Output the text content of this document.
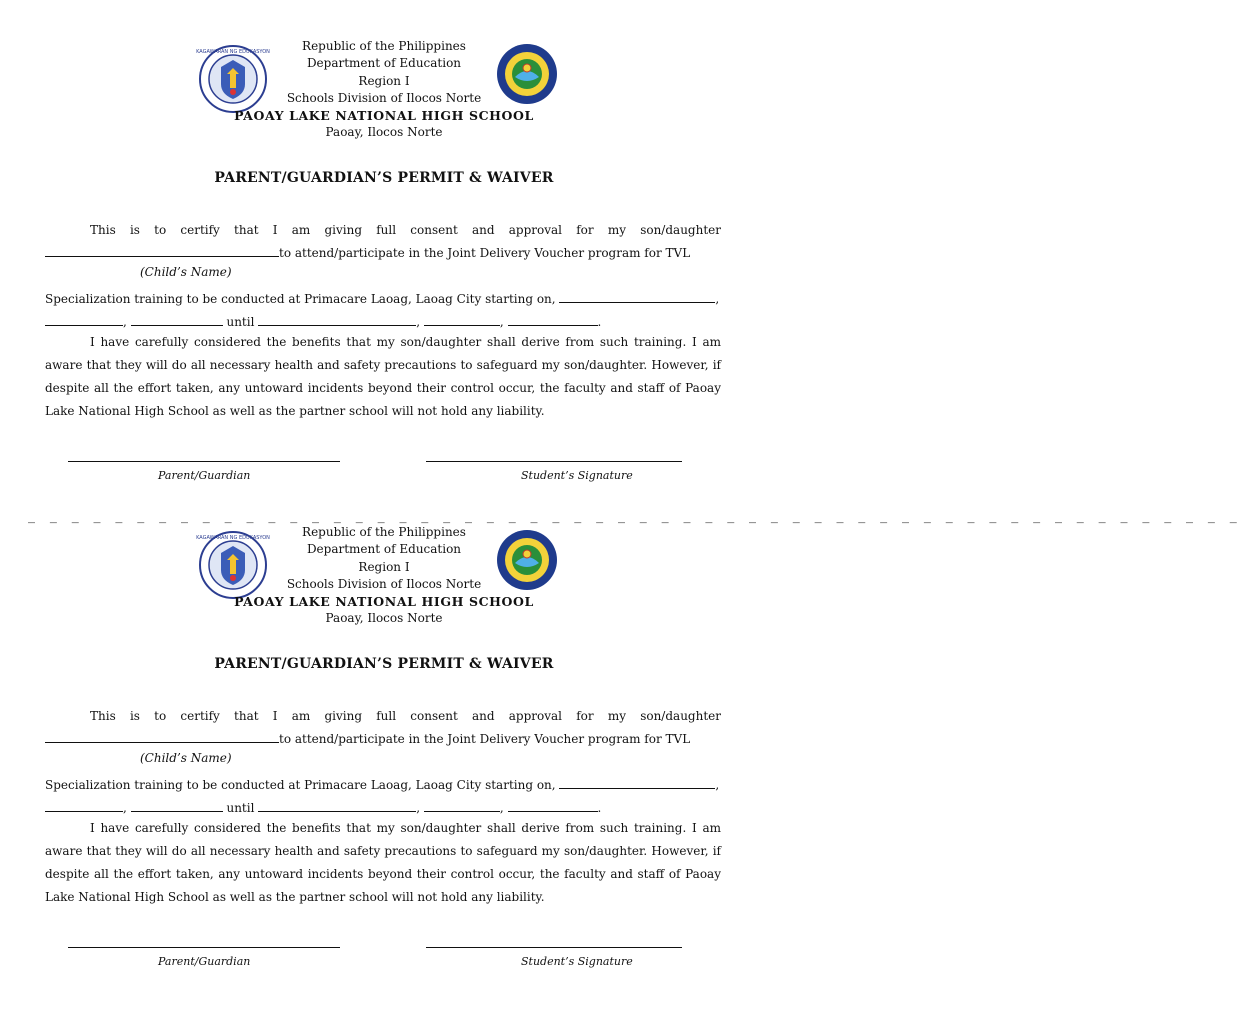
KAGAWARAN NG EDUKASYON	Republic of the Philippines
Department of Education
Region I
Schools Division of Ilocos Norte
PAOAY LAKE NATIONAL HIGH SCHOOL
Paoay, Ilocos Norte
PARENT/GUARDIAN’S PERMIT & WAIVER
This is to certify that I am giving full consent and approval for my son/daughter
to attend/participate in the Joint Delivery Voucher program for TVL
(Child’s Name)
Specialization training to be conducted at Primacare Laoag, Laoag City starting on,	,
,	until	,	,	.
I have carefully considered the benefits that my son/daughter shall derive from such training. I am aware that they will do all necessary health and safety precautions to safeguard my son/daughter. However, if despite all the effort taken, any untoward incidents beyond their control occur, the faculty and staff of Paoay Lake National High School as well as the partner school will not hold any liability.
Parent/Guardian	Student’s Signature
_ _ _ _ _ _ _ _ _ _ _ _ _ _ _ _ _ _ _ _ _ _ _ _ _ _ _ _ _ _ _ _ _ _ _ _ _ _ _ _ _ _ _ _ _ _ _ _ _ _ _ _ _ _ _ _
KAGAWARAN NG EDUKASYON	Republic of the Philippines
Department of Education
Region I
Schools Division of Ilocos Norte
PAOAY LAKE NATIONAL HIGH SCHOOL
Paoay, Ilocos Norte
PARENT/GUARDIAN’S PERMIT & WAIVER
This is to certify that I am giving full consent and approval for my son/daughter
to attend/participate in the Joint Delivery Voucher program for TVL
(Child’s Name)
Specialization training to be conducted at Primacare Laoag, Laoag City starting on,	,
,	until	,	,	.
I have carefully considered the benefits that my son/daughter shall derive from such training. I am aware that they will do all necessary health and safety precautions to safeguard my son/daughter. However, if despite all the effort taken, any untoward incidents beyond their control occur, the faculty and staff of Paoay Lake National High School as well as the partner school will not hold any liability.
Parent/Guardian	Student’s Signature
